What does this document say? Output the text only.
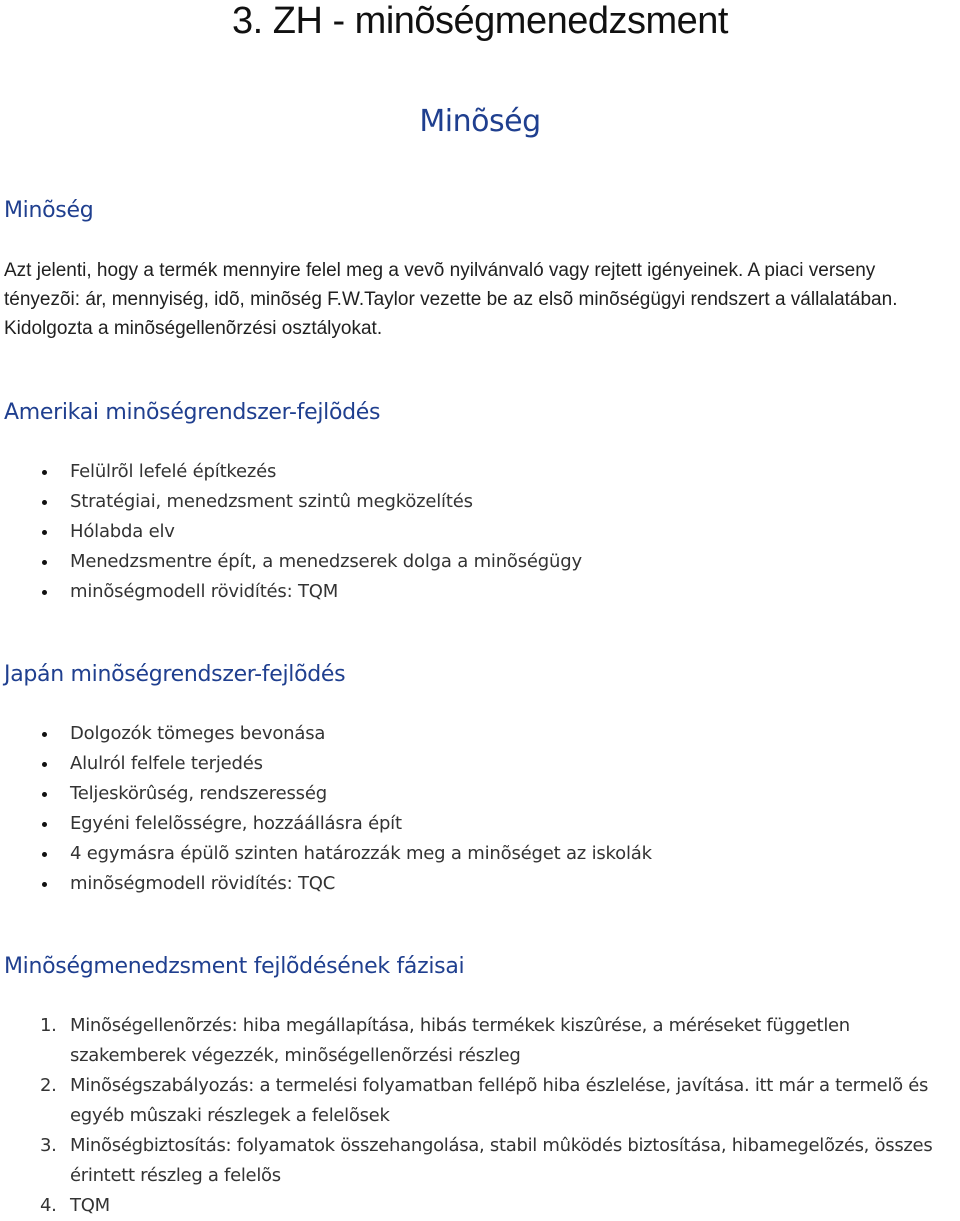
3. ZH - minõségmenedzsment
Minõség
Minõség

Azt jelenti, hogy a termék mennyire felel meg a vevõ nyilvánvaló vagy rejtett igényeinek. A piaci verseny tényezõi: ár, mennyiség, idõ, minõség F.W.Taylor vezette be az elsõ minõségügyi rendszert a vállalatában. Kidolgozta a minõségellenõrzési osztályokat.

Amerikai minõségrendszer-fejlõdés
Felülrõl lefelé építkezés
Stratégiai, menedzsment szintû megközelítés
Hólabda elv
Menedzsmentre épít, a menedzserek dolga a minõségügy
minõségmodell rövidítés: TQM
Japán minõségrendszer-fejlõdés
Dolgozók tömeges bevonása
Alulról felfele terjedés
Teljeskörûség, rendszeresség
Egyéni felelõsségre, hozzáállásra épít
4 egymásra épülõ szinten határozzák meg a minõséget az iskolák
minõségmodell rövidítés: TQC
Minõségmenedzsment fejlõdésének fázisai
1. Minõségellenõrzés: hiba megállapítása, hibás termékek kiszûrése, a méréseket független szakemberek végezzék, minõségellenõrzési részleg
2. Minõségszabályozás: a termelési folyamatban fellépõ hiba észlelése, javítása. itt már a termelõ és egyéb mûszaki részlegek a felelõsek
3. Minõségbiztosítás: folyamatok összehangolása, stabil mûködés biztosítása, hibamegelõzés, összes érintett részleg a felelõs
4. TQM
